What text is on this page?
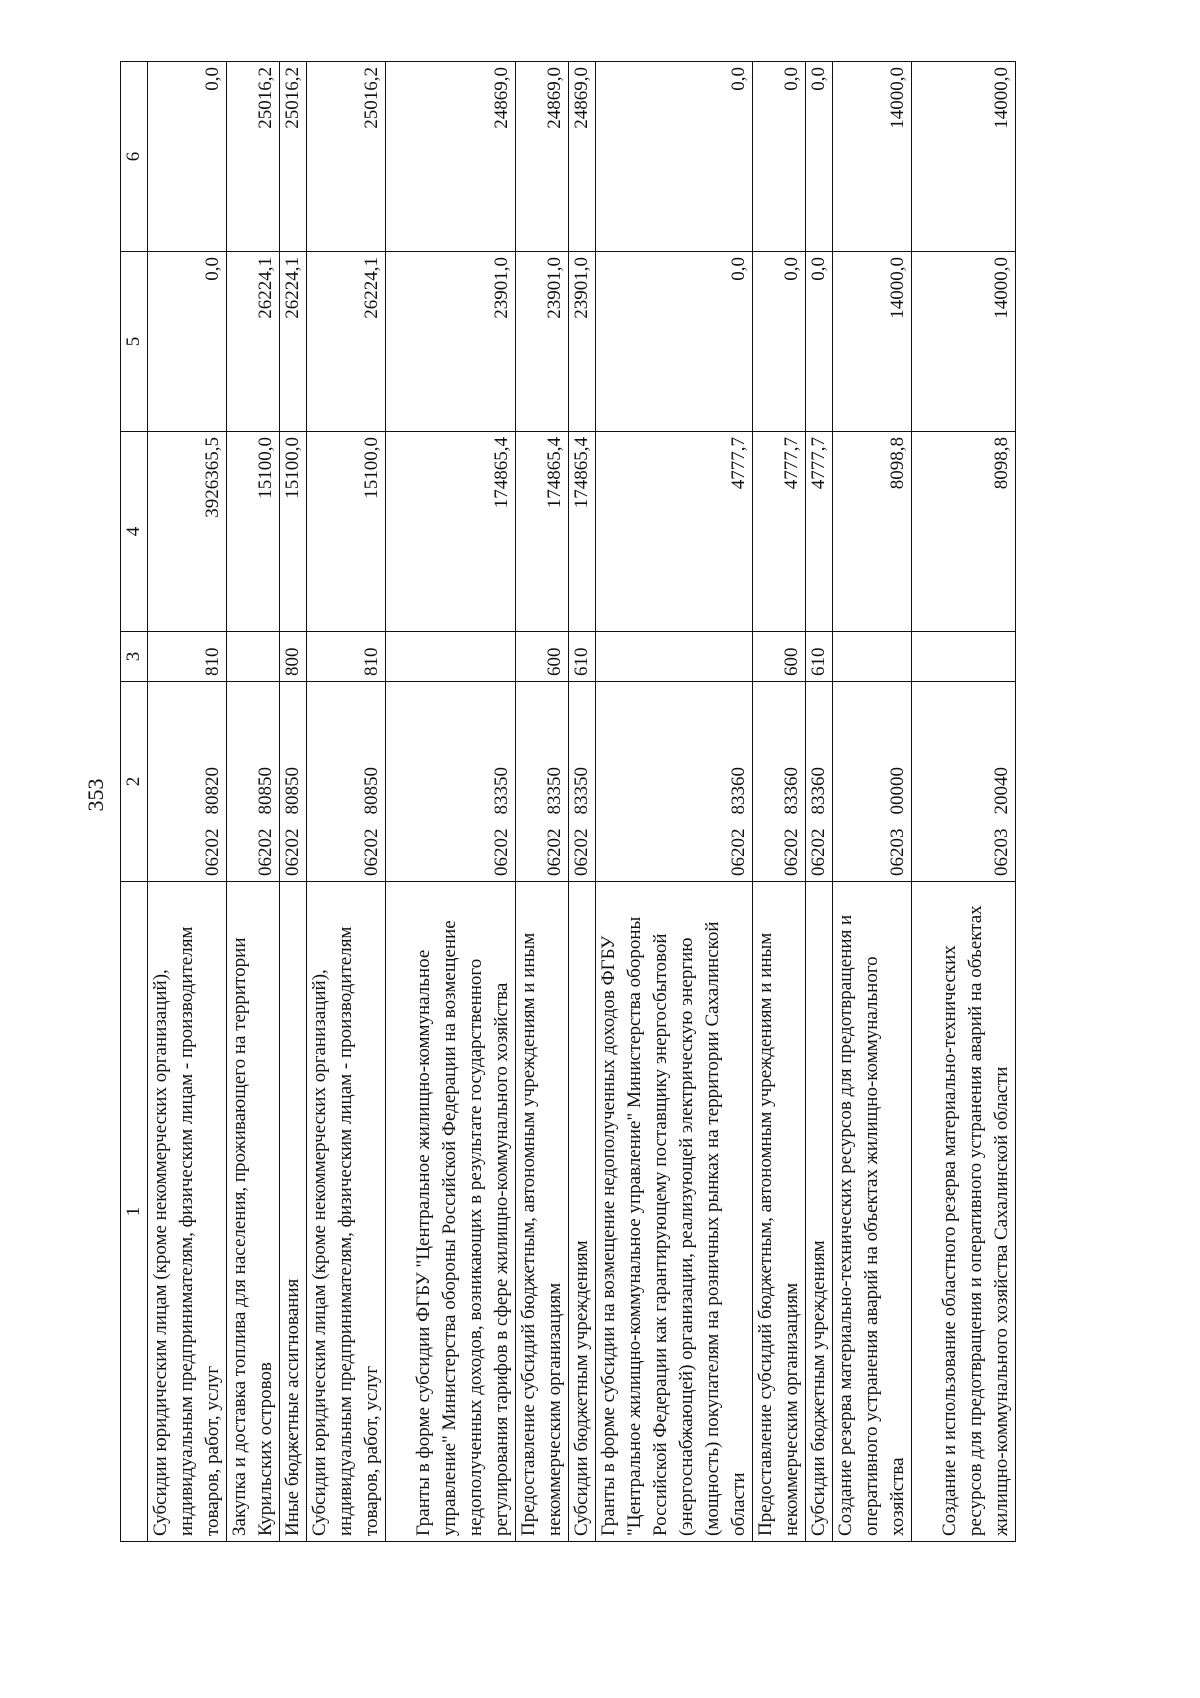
353
1	2	3	4	5	6
Субсидии юридическим лицам (кроме некоммерческих организаций), индивидуальным предпринимателям, физическим лицам - производителям товаров, работ, услуг	0620280820	810	3926365,5	0,0	0,0
Закупка и доставка топлива для населения, проживающего на территории Курильских островов	0620280850		15100,0	26224,1	25016,2
Иные бюджетные ассигнования	0620280850	800	15100,0	26224,1	25016,2
Субсидии юридическим лицам (кроме некоммерческих организаций), индивидуальным предпринимателям, физическим лицам - производителям товаров, работ, услуг	0620280850	810	15100,0	26224,1	25016,2
Гранты в форме субсидии ФГБУ "Центральное жилищно-коммунальное управление" Министерства обороны Российской Федерации на возмещение недополученных доходов, возникающих в результате государственного регулирования тарифов в сфере жилищно-коммунального хозяйства	0620283350		174865,4	23901,0	24869,0
Предоставление субсидий бюджетным, автономным учреждениям и иным некоммерческим организациям	0620283350	600	174865,4	23901,0	24869,0
Субсидии бюджетным учреждениям	0620283350	610	174865,4	23901,0	24869,0
Гранты в форме субсидии на возмещение недополученных доходов ФГБУ "Центральное жилищно-коммунальное управление" Министерства обороны Российской Федерации как гарантирующему поставщику энергосбытовой (энергоснабжающей) организации, реализующей электрическую энергию (мощность) покупателям на розничных рынках на территории Сахалинской области	0620283360		4777,7	0,0	0,0
Предоставление субсидий бюджетным, автономным учреждениям и иным некоммерческим организациям	0620283360	600	4777,7	0,0	0,0
Субсидии бюджетным учреждениям	0620283360	610	4777,7	0,0	0,0
Создание резерва материально-технических ресурсов для предотвращения и оперативного устранения аварий на объектах жилищно-коммунального хозяйства	0620300000		8098,8	14000,0	14000,0
Создание и использование областного резерва материально-технических ресурсов для предотвращения и оперативного устранения аварий на объектах жилищно-коммунального хозяйства Сахалинской области	0620320040		8098,8	14000,0	14000,0
